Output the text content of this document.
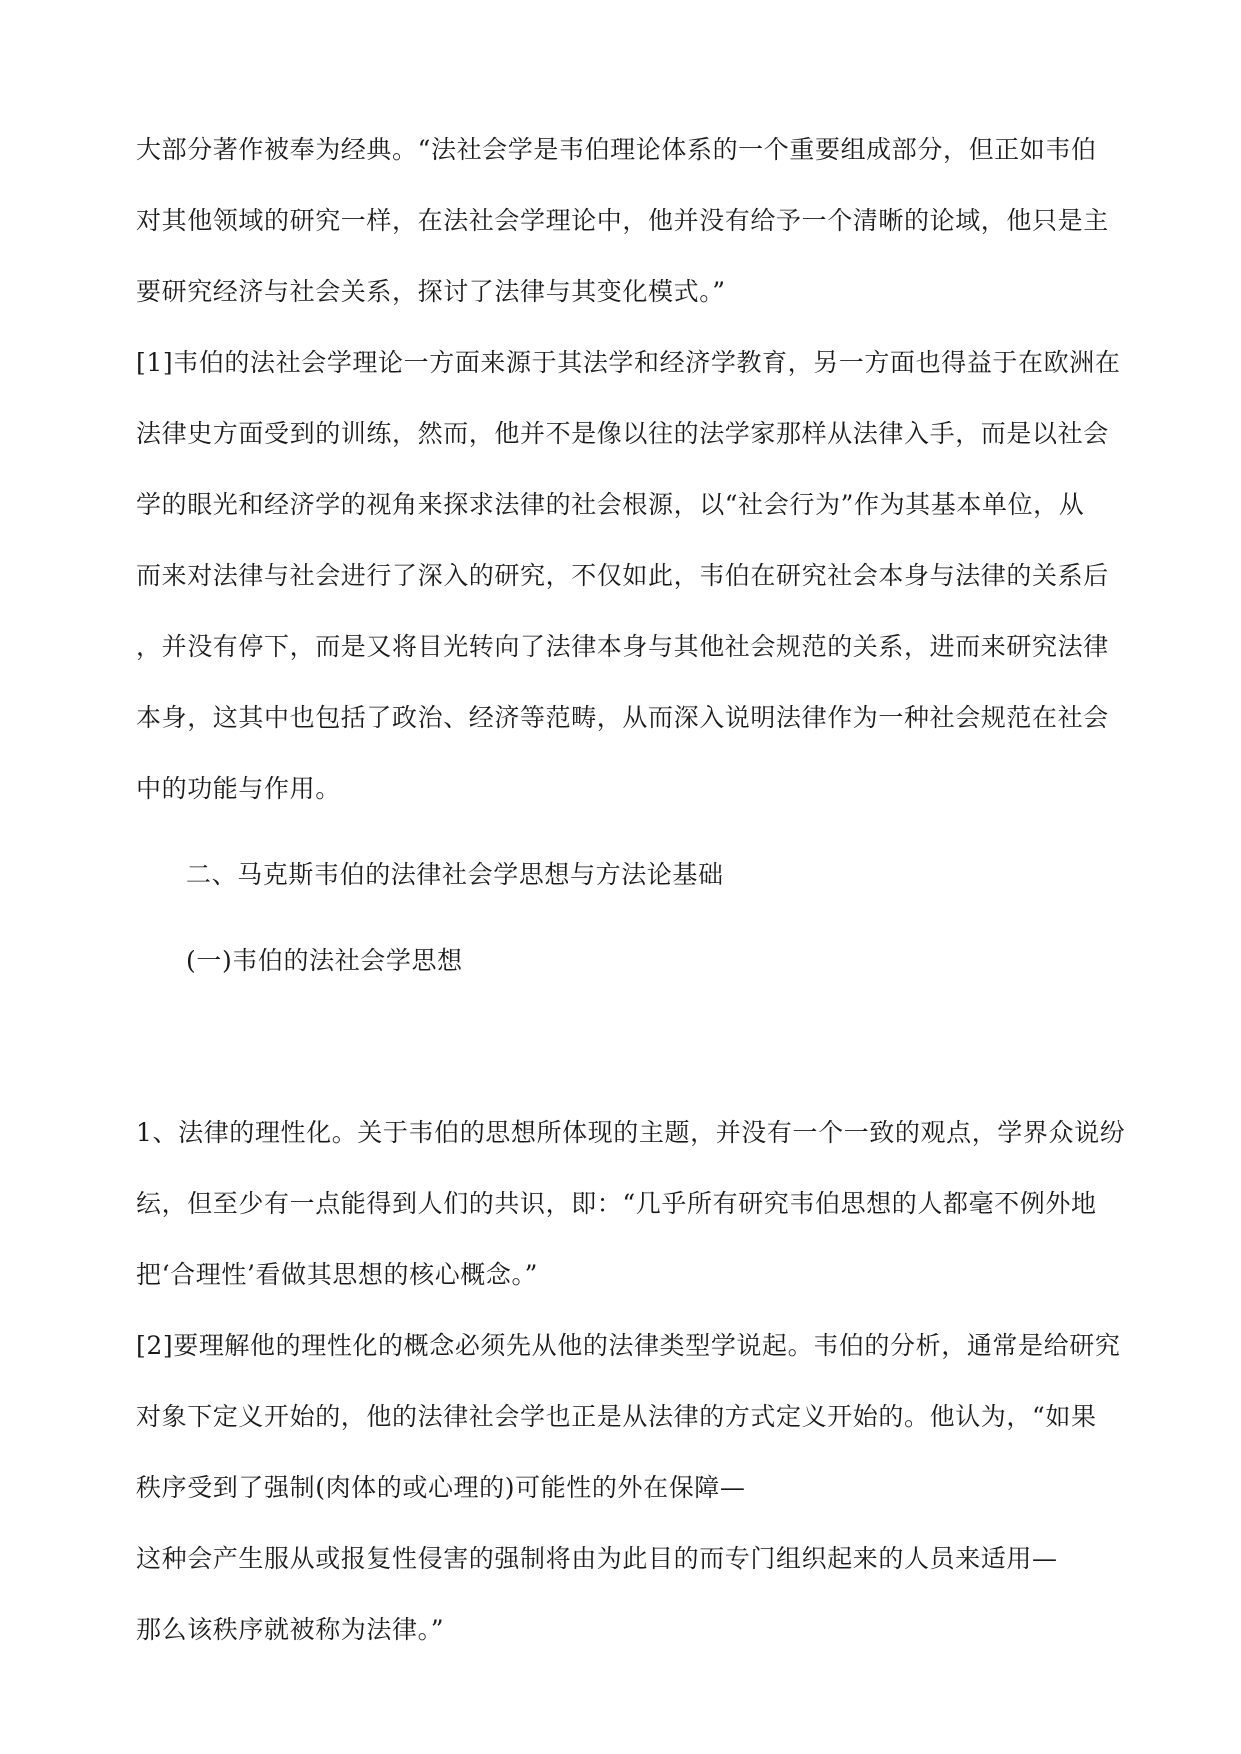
大部分著作被奉为经典。“法社会学是韦伯理论体系的一个重要组成部分，但正如韦伯
对其他领域的研究一样，在法社会学理论中，他并没有给予一个清晰的论域，他只是主
要研究经济与社会关系，探讨了法律与其变化模式。”
[1]韦伯的法社会学理论一方面来源于其法学和经济学教育，另一方面也得益于在欧洲在
法律史方面受到的训练，然而，他并不是像以往的法学家那样从法律入手，而是以社会
学的眼光和经济学的视角来探求法律的社会根源，以“社会行为”作为其基本单位，从
而来对法律与社会进行了深入的研究，不仅如此，韦伯在研究社会本身与法律的关系后
，并没有停下，而是又将目光转向了法律本身与其他社会规范的关系，进而来研究法律
本身，这其中也包括了政治、经济等范畴，从而深入说明法律作为一种社会规范在社会
中的功能与作用。
二、马克斯韦伯的法律社会学思想与方法论基础
(一)韦伯的法社会学思想
1、法律的理性化。关于韦伯的思想所体现的主题，并没有一个一致的观点，学界众说纷
纭，但至少有一点能得到人们的共识，即：“几乎所有研究韦伯思想的人都毫不例外地
把‘合理性’看做其思想的核心概念。”
[2]要理解他的理性化的概念必须先从他的法律类型学说起。韦伯的分析，通常是给研究
对象下定义开始的，他的法律社会学也正是从法律的方式定义开始的。他认为，“如果
秩序受到了强制(肉体的或心理的)可能性的外在保障—
这种会产生服从或报复性侵害的强制将由为此目的而专门组织起来的人员来适用—
那么该秩序就被称为法律。”
